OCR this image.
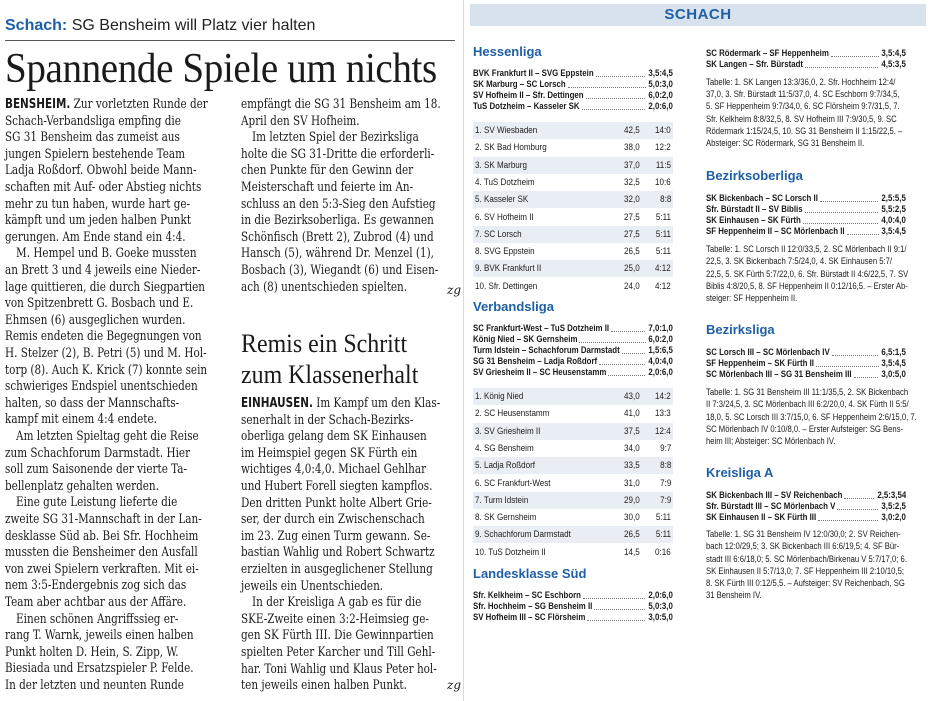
Schach: SG Bensheim will Platz vier halten
Spannende Spiele um nichts
zg
Remis ein Schritt
zum Klassenerhalt
zg
BENSHEIM. Zur vorletzten Runde der
Schach-Verbandsliga empfing die
SG 31 Bensheim das zumeist aus
jungen Spielern bestehende Team
Ladja Roßdorf. Obwohl beide Mann-
schaften mit Auf- oder Abstieg nichts
mehr zu tun haben, wurde hart ge-
kämpft und um jeden halben Punkt
gerungen. Am Ende stand ein 4:4.
M. Hempel und B. Goeke mussten
an Brett 3 und 4 jeweils eine Nieder-
lage quittieren, die durch Siegpartien
von Spitzenbrett G. Bosbach und E.
Ehmsen (6) ausgeglichen wurden.
Remis endeten die Begegnungen von
H. Stelzer (2), B. Petri (5) und M. Hol-
torp (8). Auch K. Krick (7) konnte sein
schwieriges Endspiel unentschieden
halten, so dass der Mannschafts-
kampf mit einem 4:4 endete.
Am letzten Spieltag geht die Reise
zum Schachforum Darmstadt. Hier
soll zum Saisonende der vierte Ta-
bellenplatz gehalten werden.
Eine gute Leistung lieferte die
zweite SG 31-Mannschaft in der Lan-
desklasse Süd ab. Bei Sfr. Hochheim
mussten die Bensheimer den Ausfall
von zwei Spielern verkraften. Mit ei-
nem 3:5-Endergebnis zog sich das
Team aber achtbar aus der Affäre.
Einen schönen Angriffssieg er-
rang T. Warnk, jeweils einen halben
Punkt holten D. Hein, S. Zipp, W.
Biesiada und Ersatzspieler P. Felde.
In der letzten und neunten Runde
empfängt die SG 31 Bensheim am 18.
April den SV Hofheim.
Im letzten Spiel der Bezirksliga
holte die SG 31-Dritte die erforderli-
chen Punkte für den Gewinn der
Meisterschaft und feierte im An-
schluss an den 5:3-Sieg den Aufstieg
in die Bezirksoberliga. Es gewannen
Schönfisch (Brett 2), Zubrod (4) und
Hansch (5), während Dr. Menzel (1),
Bosbach (3), Wiegandt (6) und Eisen-
ach (8) unentschieden spielten.
EINHAUSEN. Im Kampf um den Klas-
senerhalt in der Schach-Bezirks-
oberliga gelang dem SK Einhausen
im Heimspiel gegen SK Fürth ein
wichtiges 4,0:4,0. Michael Gehlhar
und Hubert Forell siegten kampflos.
Den dritten Punkt holte Albert Grie-
ser, der durch ein Zwischenschach
im 23. Zug einen Turm gewann. Se-
bastian Wahlig und Robert Schwartz
erzielten in ausgeglichener Stellung
jeweils ein Unentschieden.
In der Kreisliga A gab es für die
SKE-Zweite einen 3:2-Heimsieg ge-
gen SK Fürth III. Die Gewinnpartien
spielten Peter Karcher und Till Gehl-
har. Toni Wahlig und Klaus Peter hol-
ten jeweils einen halben Punkt.
SCHACH
Hessenliga
BVK Frankfurt II – SVG Eppstein	3,5:4,5
SK Marburg – SC Lorsch	5,0:3,0
SV Hofheim II – Sfr. Dettingen	6,0:2,0
TuS Dotzheim – Kasseler SK	2,0:6,0
1. SV Wiesbaden	42,5 14:0
2. SK Bad Homburg	38,0 12:2
3. SK Marburg	37,0 11:5
4. TuS Dotzheim	32,5 10:6
5. Kasseler SK	32,0 8:8
6. SV Hofheim II	27,5 5:11
7. SC Lorsch	27,5 5:11
8. SVG Eppstein	26,5 5:11
9. BVK Frankfurt II	25,0 4:12
10. Sfr. Dettingen	24,0 4:12
Verbandsliga
SC Frankfurt-West – TuS Dotzheim II	7,0:1,0
König Nied – SK Gernsheim	6,0:2,0
Turm Idstein – Schachforum Darmstadt	1,5:6,5
SG 31 Bensheim – Ladja Roßdorf	4,0:4,0
SV Griesheim II – SC Heusenstamm	2,0:6,0
1. König Nied	43,0 14:2
2. SC Heusenstamm	41,0 13:3
3. SV Griesheim II	37,5 12:4
4. SG Bensheim	34,0 9:7
5. Ladja Roßdorf	33,5 8:8
6. SC Frankfurt-West	31,0 7:9
7. Turm Idstein	29,0 7:9
8. SK Gernsheim	30,0 5:11
9. Schachforum Darmstadt	26,5 5:11
10. TuS Dotzheim II	14,5 0:16
Landesklasse Süd
Sfr. Kelkheim – SC Eschborn	2,0:6,0
Sfr. Hochheim – SG Bensheim II	5,0:3,0
SV Hofheim III – SC Flörsheim	3,0:5,0
SC Rödermark – SF Heppenheim	3,5:4,5
SK Langen – Sfr. Bürstadt	4,5:3,5
Tabelle: 1. SK Langen 13:3/36,0, 2. Sfr. Hochheim 12:4/
37,0, 3. Sfr. Bürstadt 11:5/37,0, 4. SC Eschborn 9:7/34,5,
5. SF Heppenheim 9:7/34,0, 6. SC Flörsheim 9:7/31,5, 7.
Sfr. Kelkheim 8:8/32,5, 8. SV Hofheim III 7:9/30,5, 9. SC
Rödermark 1:15/24,5, 10. SG 31 Bensheim II 1:15/22,5. –
Absteiger: SC Rödermark, SG 31 Bensheim II.
Bezirksoberliga
SK Bickenbach – SC Lorsch II	2,5:5,5
Sfr. Bürstadt II – SV Biblis	5,5:2,5
SK Einhausen – SK Fürth	4,0:4,0
SF Heppenheim II – SC Mörlenbach II	3,5:4,5
Tabelle: 1. SC Lorsch II 12:0/33,5, 2. SC Mörlenbach II 9:1/
22,5, 3. SK Bickenbach 7:5/24,0, 4. SK Einhausen 5:7/
22,5, 5. SK Fürth 5:7/22,0, 6. Sfr. Bürstadt II 4:6/22,5, 7. SV
Biblis 4:8/20,5, 8. SF Heppenheim II 0:12/16,5. – Erster Ab-
steiger: SF Heppenheim II.
Bezirksliga
SC Lorsch III – SC Mörlenbach IV	6,5:1,5
SF Heppenheim – SK Fürth II	3,5:4,5
SC Mörlenbach III – SG 31 Bensheim III	3,0:5,0
Tabelle: 1. SG 31 Bensheim III 11:1/35,5, 2. SK Bickenbach
II 7:3/24,5, 3. SC Mörlenbach III 6:2/20,0, 4. SK Fürth II 5:5/
18,0, 5. SC Lorsch III 3:7/15,0, 6. SF Heppenheim 2:6/15,0, 7.
SC Mörlenbach IV 0:10/8,0. – Erster Aufsteiger: SG Bens-
heim III; Absteiger: SC Mörlenbach IV.
Kreisliga A
SK Bickenbach III – SV Reichenbach	2,5:3,54
Sfr. Bürstadt III – SC Mörlenbach V	3,5:2,5
SK Einhausen II – SK Fürth III	3,0:2,0
Tabelle: 1. SG 31 Bensheim IV 12:0/30,0; 2. SV Reichen-
bach 12:0/29,5; 3. SK Bickenbach III 6:6/19,5; 4. SF Bür-
stadt III 6:6/18,0; 5. SC Mörlenbach/Birkenau V 5:7/17,0; 6.
SK Einhausen II 5:7/13,0; 7. SF Heppenheim III 2:10/10,5;
8. SK Fürth III 0:12/5,5. – Aufsteiger: SV Reichenbach, SG
31 Bensheim IV.
